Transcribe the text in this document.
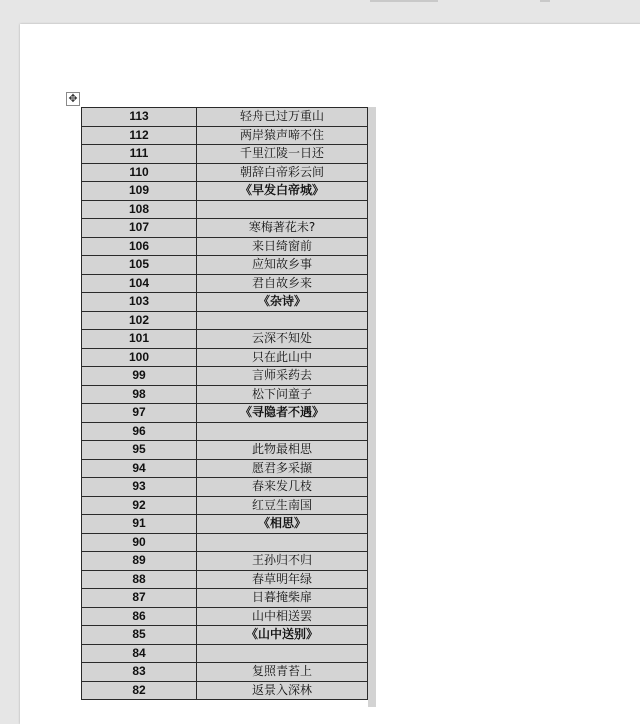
✥
113	轻舟已过万重山
112	两岸猿声啼不住
111	千里江陵一日还
110	朝辞白帝彩云间
109	《早发白帝城》
108	
107	寒梅著花未?
106	来日绮窗前
105	应知故乡事
104	君自故乡来
103	《杂诗》
102	
101	云深不知处
100	只在此山中
99	言师采药去
98	松下问童子
97	《寻隐者不遇》
96	
95	此物最相思
94	愿君多采撷
93	春来发几枝
92	红豆生南国
91	《相思》
90	
89	王孙归不归
88	春草明年绿
87	日暮掩柴扉
86	山中相送罢
85	《山中送别》
84	
83	复照青苔上
82	返景入深林
